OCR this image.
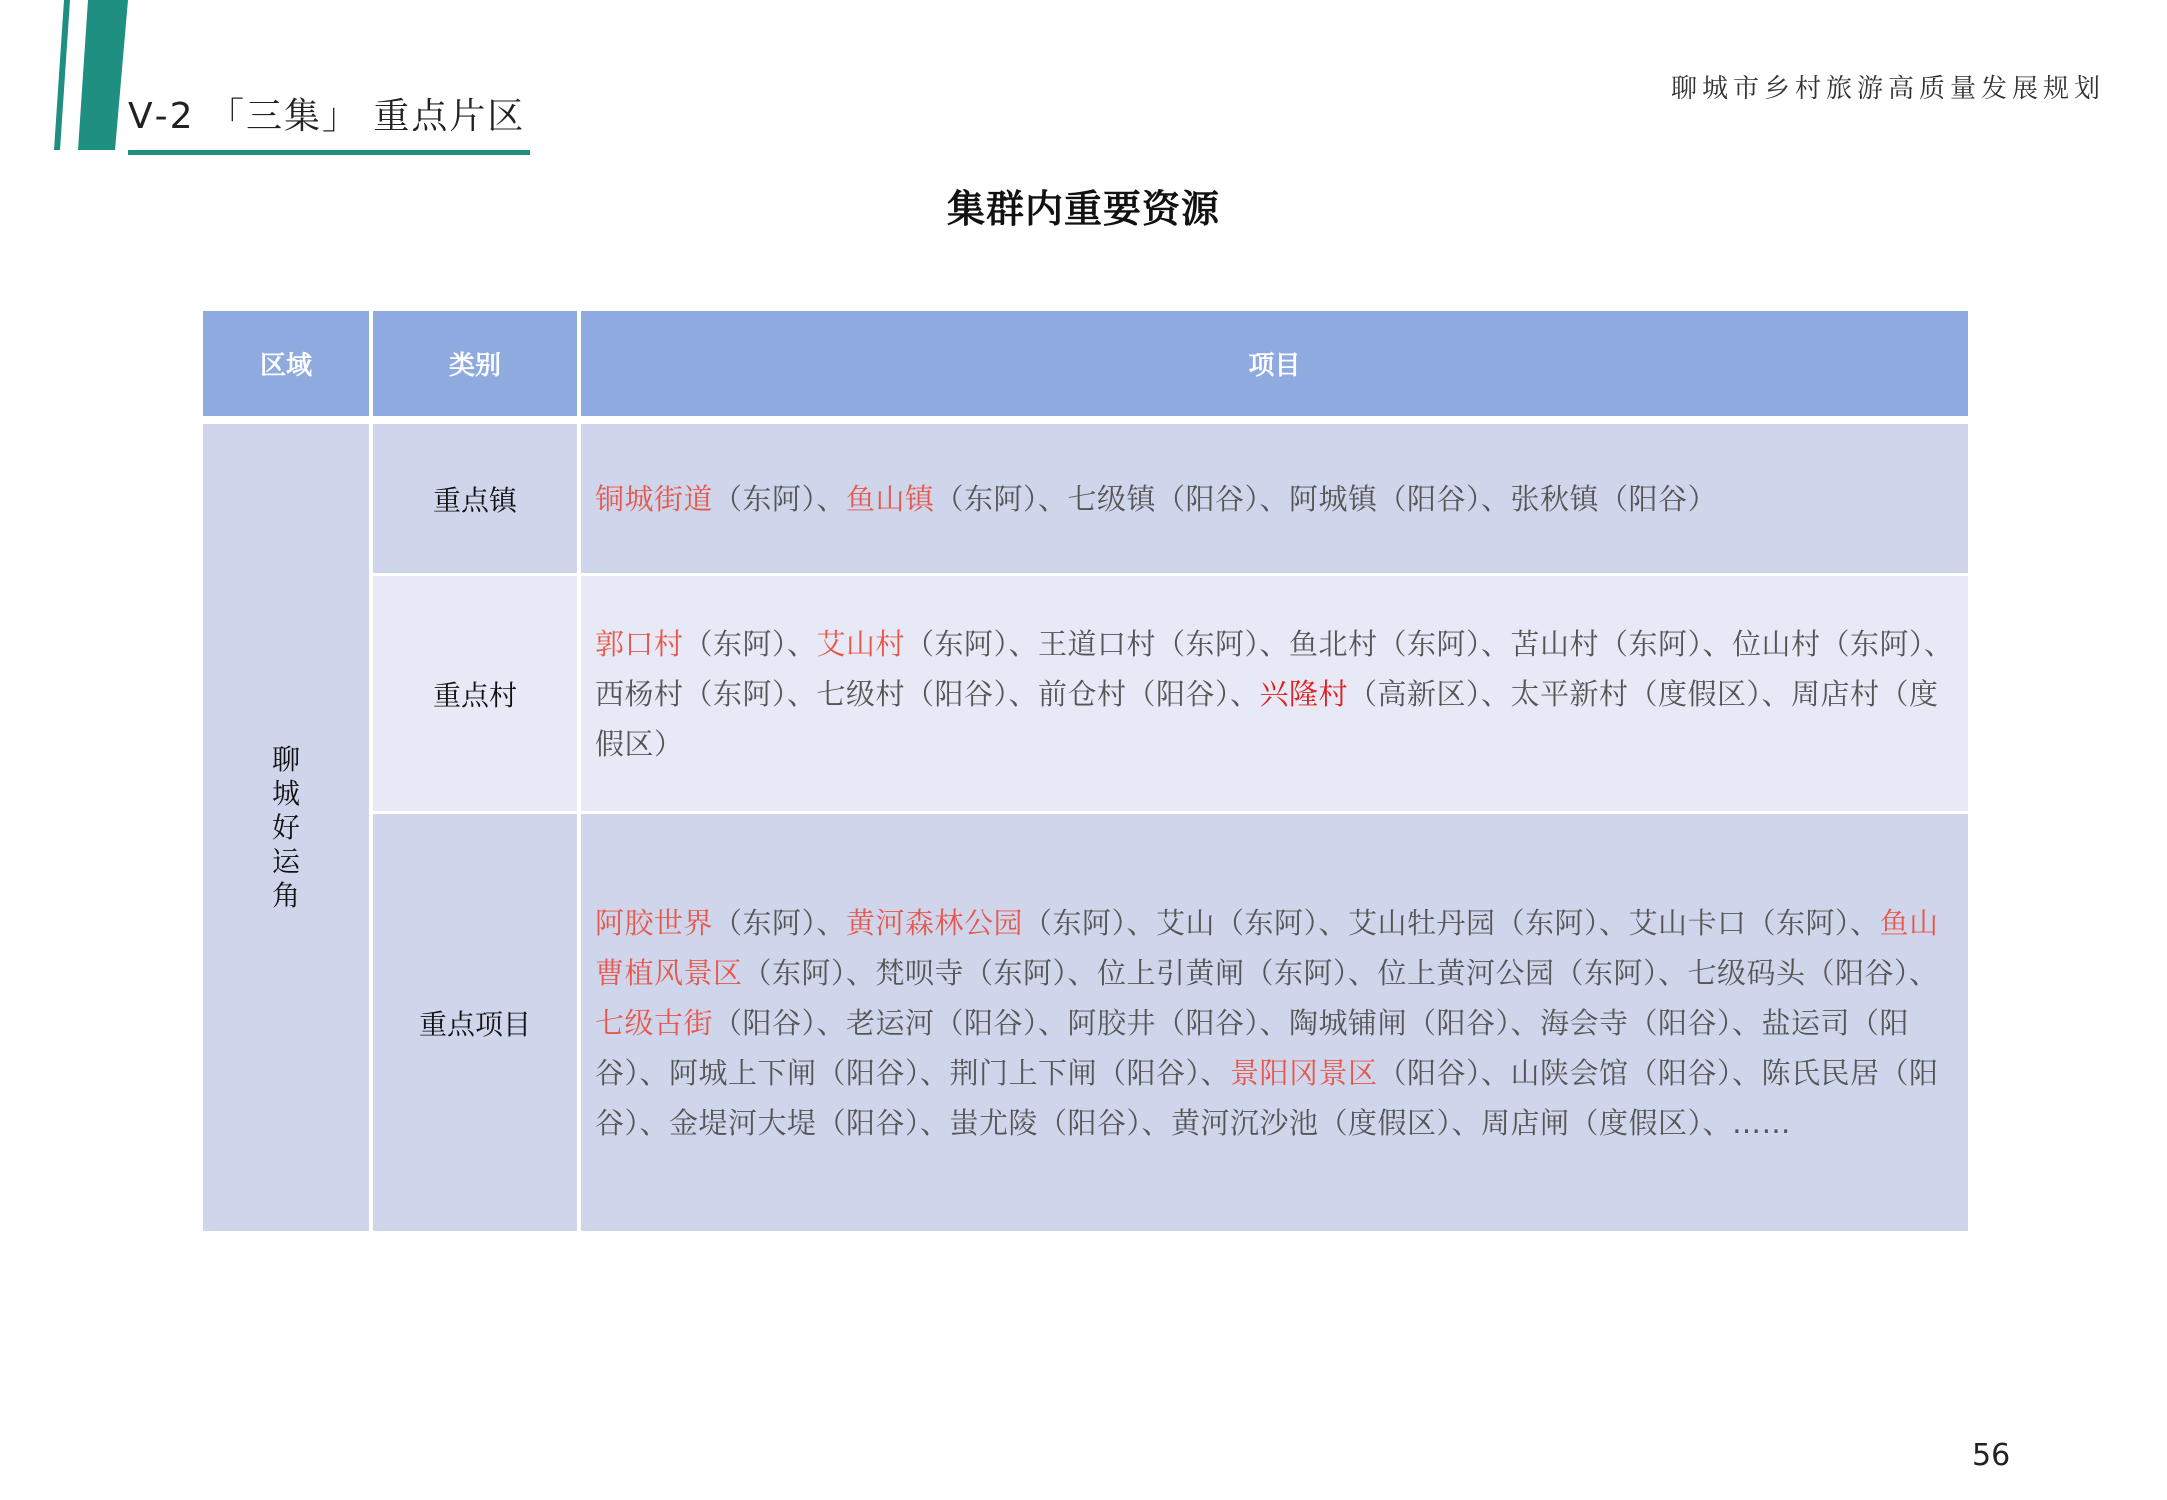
Ⅴ-2 「三集」 重点片区
聊城市乡村旅游高质量发展规划
集群内重要资源
区域	类别	项目

聊城好运角	重点镇	铜城街道（东阿）、鱼山镇（东阿）、七级镇（阳谷）、阿城镇（阳谷）、张秋镇（阳谷）
	重点村	郭口村（东阿）、艾山村（东阿）、王道口村（东阿）、鱼北村（东阿）、苫山村（东阿）、位山村（东阿）、西杨村（东阿）、七级村（阳谷）、前仓村（阳谷）、兴隆村（高新区）、太平新村（度假区）、周店村（度假区）
	重点项目	阿胶世界（东阿）、黄河森林公园（东阿）、艾山（东阿）、艾山牡丹园（东阿）、艾山卡口（东阿）、鱼山曹植风景区（东阿）、梵呗寺（东阿）、位上引黄闸（东阿）、位上黄河公园（东阿）、七级码头（阳谷）、七级古街（阳谷）、老运河（阳谷）、阿胶井（阳谷）、陶城铺闸（阳谷）、海会寺（阳谷）、盐运司（阳谷）、阿城上下闸（阳谷）、荆门上下闸（阳谷）、景阳冈景区（阳谷）、山陕会馆（阳谷）、陈氏民居（阳谷）、金堤河大堤（阳谷）、蚩尤陵（阳谷）、黄河沉沙池（度假区）、周店闸（度假区）、……
56
